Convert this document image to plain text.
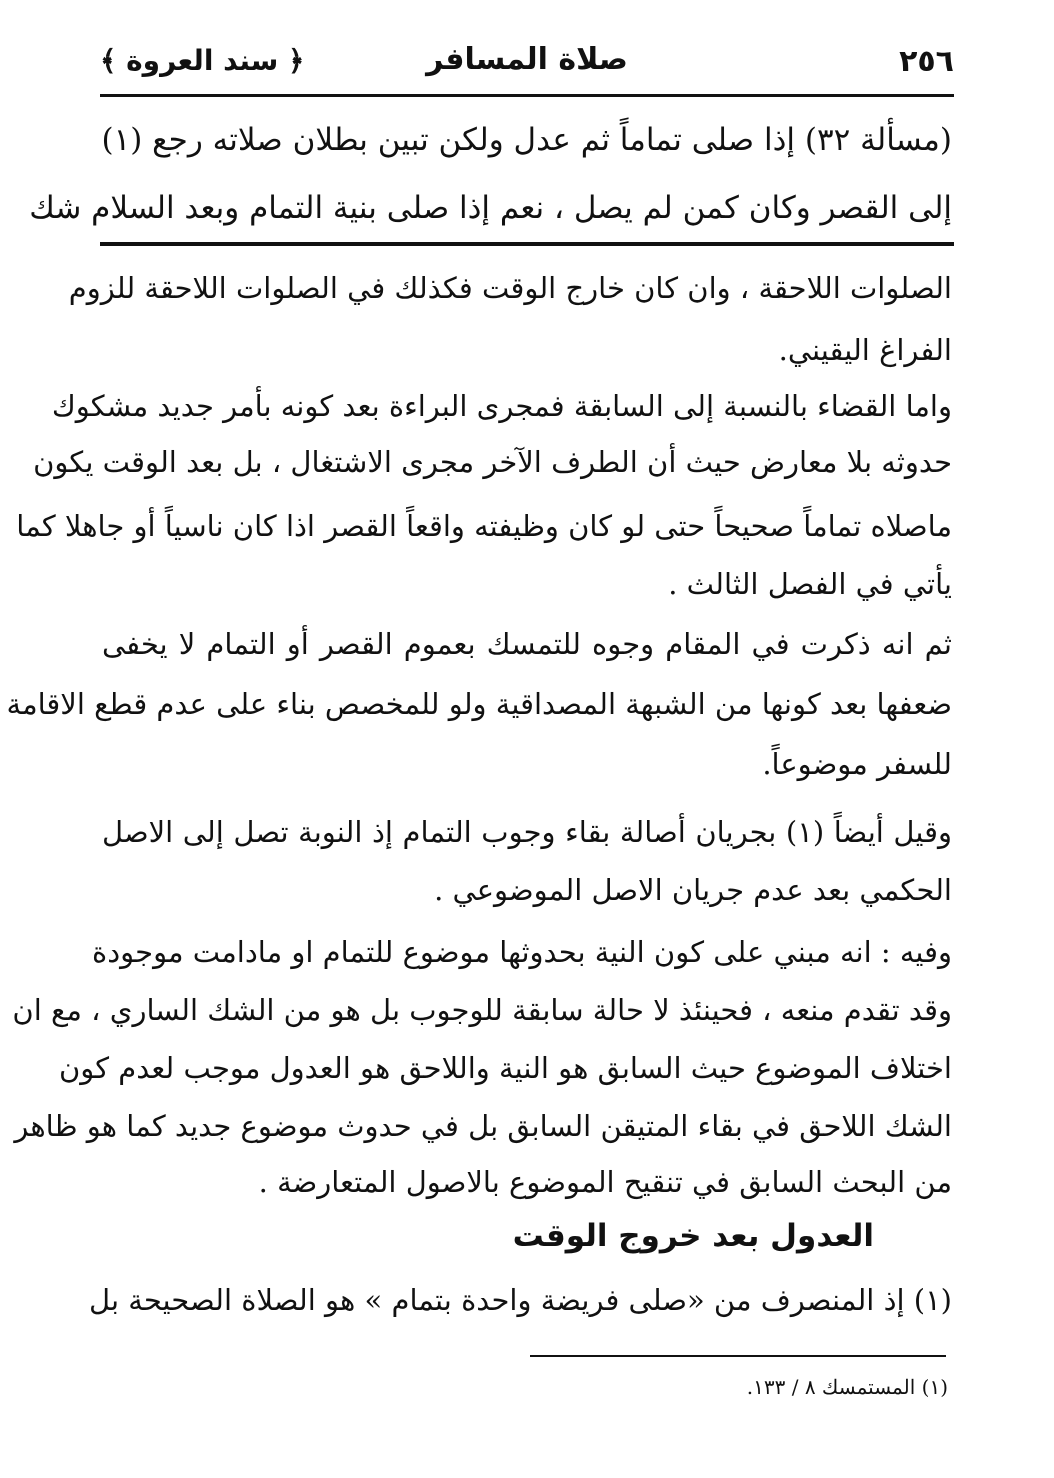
٢٥٦
صلاة المسافر
﴿ سند العروة ﴾
(مسألة ٣٢) إذا صلى تماماً ثم عدل ولكن تبين بطلان صلاته رجع (١)
إلى القصر وكان كمن لم يصل ، نعم إذا صلى بنية التمام وبعد السلام شك
الصلوات اللاحقة ، وان كان خارج الوقت فكذلك في الصلوات اللاحقة للزوم
الفراغ اليقيني.
واما القضاء بالنسبة إلى السابقة فمجرى البراءة بعد كونه بأمر جديد مشكوك
حدوثه بلا معارض حيث أن الطرف الآخر مجرى الاشتغال ، بل بعد الوقت يكون
ماصلاه تماماً صحيحاً حتى لو كان وظيفته واقعاً القصر اذا كان ناسياً أو جاهلا كما
يأتي في الفصل الثالث .
ثم انه ذكرت في المقام وجوه للتمسك بعموم القصر أو التمام لا يخفى
ضعفها بعد كونها من الشبهة المصداقية ولو للمخصص بناء على عدم قطع الاقامة
للسفر موضوعاً.
وقيل أيضاً (١) بجريان أصالة بقاء وجوب التمام إذ النوبة تصل إلى الاصل
الحكمي بعد عدم جريان الاصل الموضوعي .
وفيه : انه مبني على كون النية بحدوثها موضوع للتمام او مادامت موجودة
وقد تقدم منعه ، فحينئذ لا حالة سابقة للوجوب بل هو من الشك الساري ، مع ان
اختلاف الموضوع حيث السابق هو النية واللاحق هو العدول موجب لعدم كون
الشك اللاحق في بقاء المتيقن السابق بل في حدوث موضوع جديد كما هو ظاهر
من البحث السابق في تنقيح الموضوع بالاصول المتعارضة .
العدول بعد خروج الوقت
(١) إذ المنصرف من «صلى فريضة واحدة بتمام » هو الصلاة الصحيحة بل
(١) المستمسك ٨ / ١٣٣.
